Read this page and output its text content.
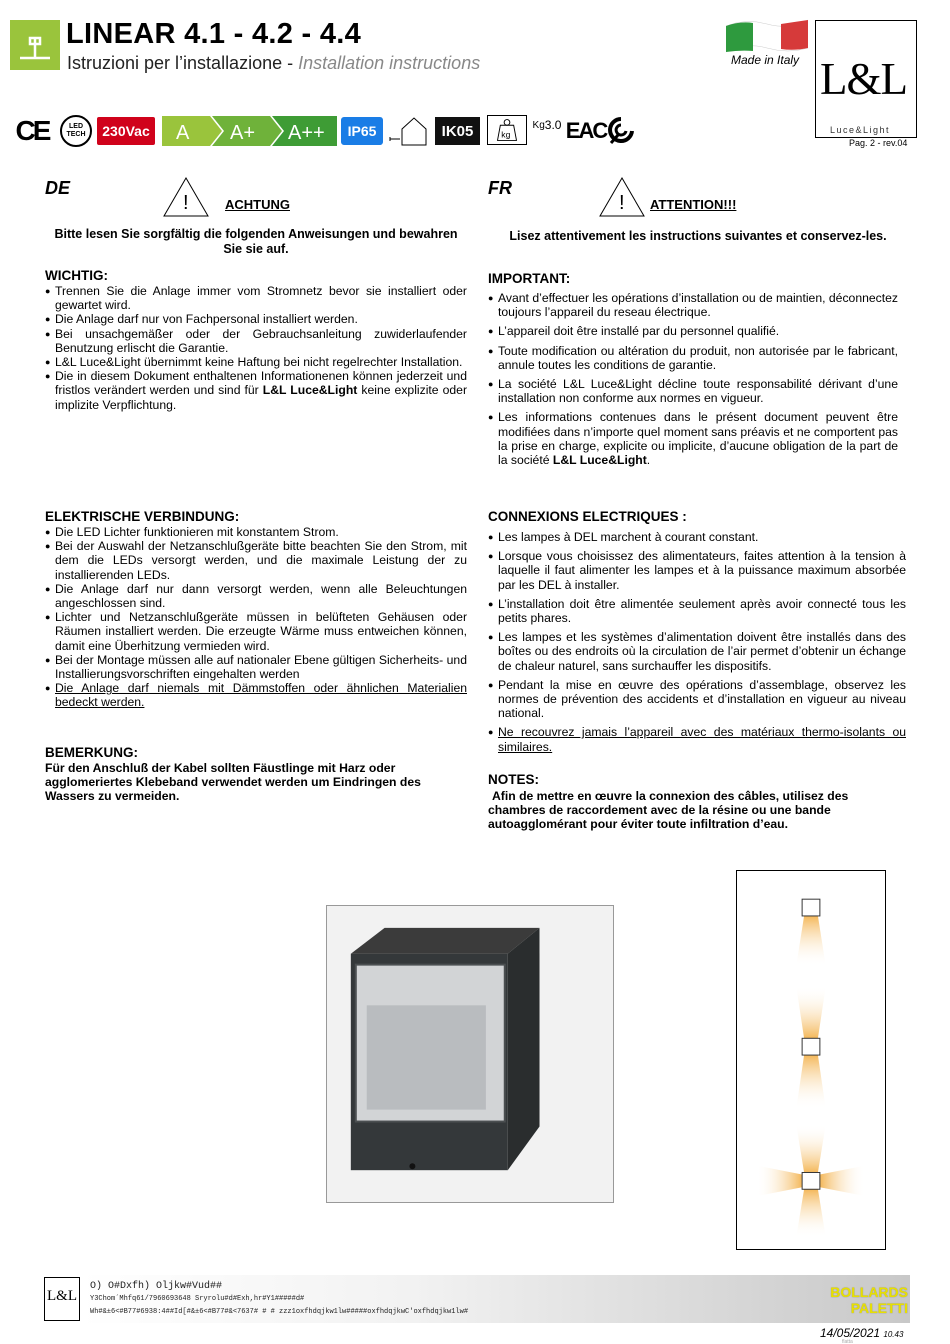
LINEAR 4.1 - 4.2 - 4.4
Istruzioni per l’installazione - Installation instructions	Made in Italy L&L
Luce&Light
Pag. 2 - rev.04
CE	LED
TECH	230Vac A A+ A++	IP65	IK05	kg
Kg 3.0 EAC
DE
!	ACHTUNG
Bitte lesen Sie sorgfältig die folgenden Anweisungen und bewahren Sie sie auf.
WICHTIG:
● Trennen Sie die Anlage immer vom Stromnetz bevor sie installiert oder gewartet wird.
● Die Anlage darf nur von Fachpersonal installiert werden.
● Bei unsachgemäßer oder der Gebrauchsanleitung zuwiderlaufender Benutzung erlischt die Garantie.
● L&L Luce&Light übernimmt keine Haftung bei nicht regelrechter Installation.
● Die in diesem Dokument enthaltenen Informationenen können jederzeit und fristlos verändert werden und sind für L&L Luce&Light keine explizite oder implizite Verpflichtung.
ELEKTRISCHE VERBINDUNG:
● Die LED Lichter funktionieren mit konstantem Strom.
● Bei der Auswahl der Netzanschlußgeräte bitte beachten Sie den Strom, mit dem die LEDs versorgt werden, und die maximale Leistung der zu installierenden LEDs.
● Die Anlage darf nur dann versorgt werden, wenn alle Beleuchtungen angeschlossen sind.
● Lichter und Netzanschlußgeräte müssen in belüfteten Gehäusen oder Räumen installiert werden. Die erzeugte Wärme muss entweichen können, damit eine Überhitzung vermieden wird.
● Bei der Montage müssen alle auf nationaler Ebene gültigen Sicherheits- und Installierungsvorschriften eingehalten werden
● Die Anlage darf niemals mit Dämmstoffen oder ähnlichen Materialien bedeckt werden.
BEMERKUNG:
Für den Anschluß der Kabel sollten Fäustlinge mit Harz oder agglomeriertes Klebeband verwendet werden um Eindringen des Wassers zu vermeiden.
FR
! ATTENTION!!!
Lisez attentivement les instructions suivantes et conservez-les.
IMPORTANT:
● Avant d’effectuer les opérations d’installation ou de maintien, déconnectez toujours l’appareil du reseau électrique.
● L’appareil doit être installé par du personnel qualifié.
● Toute modification ou altération du produit, non autorisée par le fabricant, annule toutes les conditions de garantie.
● La société L&L Luce&Light décline toute responsabilité dérivant d’une installation non conforme aux normes en vigueur.
● Les informations contenues dans le présent document peuvent être modifiées dans n’importe quel moment sans préavis et ne comportent pas la prise en charge, explicite ou implicite, d’aucune obligation de la part de la société L&L Luce&Light.
CONNEXIONS ELECTRIQUES :
● Les lampes à DEL marchent à courant constant.
● Lorsque vous choisissez des alimentateurs, faites attention à la tension à laquelle il faut alimenter les lampes et à la puissance maximum absorbée par les DEL à installer.
● L’installation doit être alimentée seulement après avoir connecté tous les petits phares.
● Les lampes et les systèmes d’alimentation doivent être installés dans des boîtes ou des endroits où la circulation de l’air permet d’obtenir un échange de chaleur naturel, sans surchauffer les dispositifs.
● Pendant la mise en œuvre des opérations d’assemblage, observez les normes de prévention des accidents et d’installation en vigueur au niveau national.
● Ne recouvrez jamais l’appareil avec des matériaux thermo-isolants ou similaires.
NOTES:
Afin de mettre en œuvre la connexion des câbles, utilisez des chambres de raccordement avec de la résine ou une bande autoagglomérant pour éviter toute infiltration d’eau.
L&L
O) O#Dxfh) Oljkw#Vud##
Y3Chom´Mhfq61/7960693648 Sryrolu#d#Exh,hr#Y1#####d#
Wh#&±6<#B77#6938:4##Id[#&±6<#B77#&<7637# # # zzz1oxfhdqjkw1lw#####oxfhdqjkwC'oxfhdqjkw1lw#
BOLLARDS
PALETTI
14/05/2021 10.43
flatta
